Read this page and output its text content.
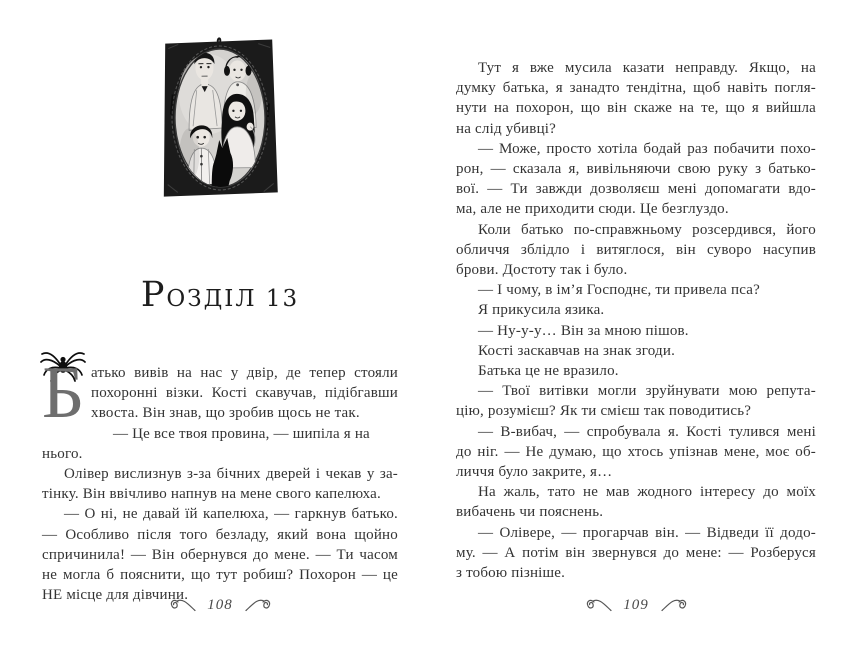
РОЗДІЛ 13
Б атько вивів на нас у двір, де тепер стояли
похоронні візки. Кості скавучав, підібгавши
хвоста. Він знав, що зробив щось не так.
— Це все твоя провина, — шипіла я на нього.
Олівер вислизнув з-за бічних дверей і чекав у за-
тінку. Він ввічливо напнув на мене свого капелюха.
— О ні, не давай їй капелюха, — гаркнув батько.
— Особливо після того безладу, який вона щойно
спричинила! — Він обернувся до мене. — Ти часом
не могла б пояснити, що тут робиш? Похорон — це
НЕ місце для дівчини.
108
Тут я вже мусила казати неправду. Якщо, на
думку батька, я занадто тендітна, щоб навіть погля-
нути на похорон, що він скаже на те, що я вийшла
на слід убивці?
— Може, просто хотіла бодай раз побачити похо-
рон, — сказала я, вивільняючи свою руку з батько-
вої. — Ти завжди дозволяєш мені допомагати вдо-
ма, але не приходити сюди. Це безглуздо.
Коли батько по-справжньому розсердився, його
обличчя зблідло і витяглося, він суворо насупив
брови. Достоту так і було.
— І чому, в ім’я Господнє, ти привела пса?
Я прикусила язика.
— Ну-у-у… Він за мною пішов.
Кості заскавчав на знак згоди.
Батька це не вразило.
— Твої витівки могли зруйнувати мою репута-
цію, розумієш? Як ти смієш так поводитись?
— В-вибач, — спробувала я. Кості тулився мені
до ніг. — Не думаю, що хтось упізнав мене, моє об-
личчя було закрите, я…
На жаль, тато не мав жодного інтересу до моїх
вибачень чи пояснень.
— Олівере, — прогарчав він. — Відведи її додо-
му. — А потім він звернувся до мене: — Розберуся
з тобою пізніше.
109
